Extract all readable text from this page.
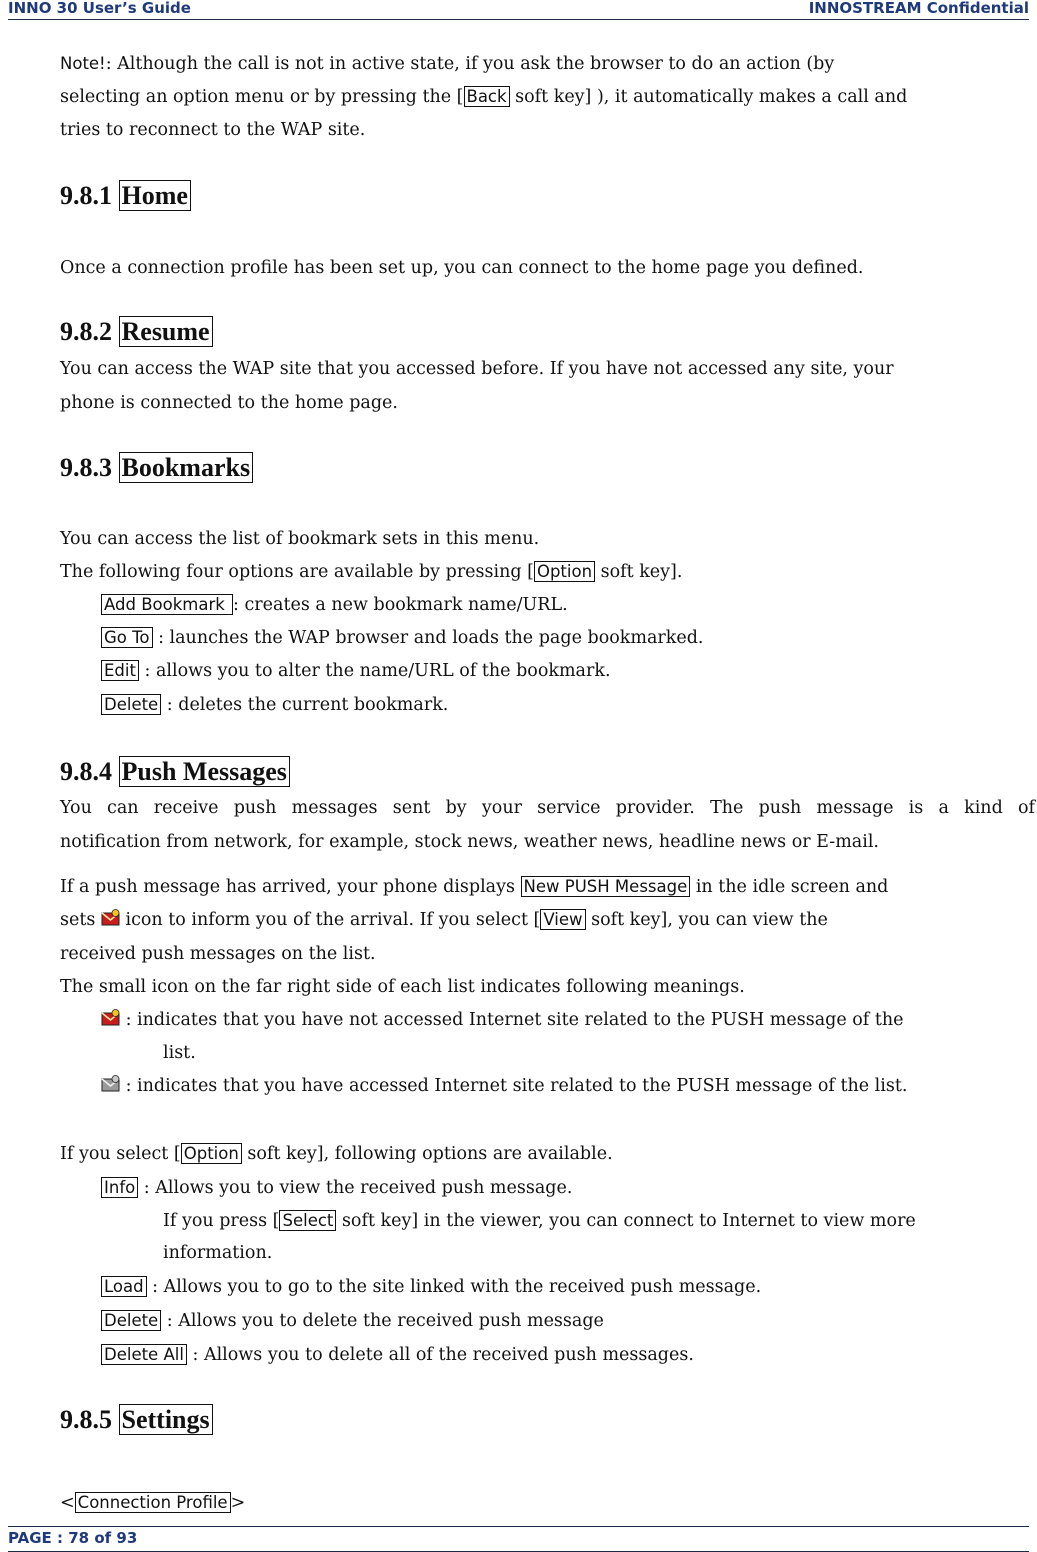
INNO 30 User’s Guide	INNOSTREAM Confidential
Note!: Although the call is not in active state, if you ask the browser to do an action (by
selecting an option menu or by pressing the [ Back soft key] ), it automatically makes a call and
tries to reconnect to the WAP site.
9.8.1 Home
Once a connection profile has been set up, you can connect to the home page you defined.
9.8.2 Resume
You can access the WAP site that you accessed before. If you have not accessed any site, your
phone is connected to the home page.
9.8.3 Bookmarks
You can access the list of bookmark sets in this menu.
The following four options are available by pressing [ Option soft key].
Add Bookmark : creates a new bookmark name/URL.
Go To : launches the WAP browser and loads the page bookmarked.
Edit : allows you to alter the name/URL of the bookmark.
Delete : deletes the current bookmark.
9.8.4 Push Messages
You can receive push messages sent by your service provider. The push message is a kind of
notification from network, for example, stock news, weather news, headline news or E-mail.
If a push message has arrived, your phone displays New PUSH Message in the idle screen and
sets
icon to inform you of the arrival. If you select [ View soft key], you can view the
received push messages on the list.
The small icon on the far right side of each list indicates following meanings.
: indicates that you have not accessed Internet site related to the PUSH message of the
list.
: indicates that you have accessed Internet site related to the PUSH message of the list.
If you select [ Option soft key], following options are available.
Info : Allows you to view the received push message.
If you press [ Select soft key] in the viewer, you can connect to Internet to view more
information.
Load : Allows you to go to the site linked with the received push message.
Delete : Allows you to delete the received push message
Delete All : Allows you to delete all of the received push messages.
9.8.5 Settings
< Connection Profile >
PAGE : 78 of 93
